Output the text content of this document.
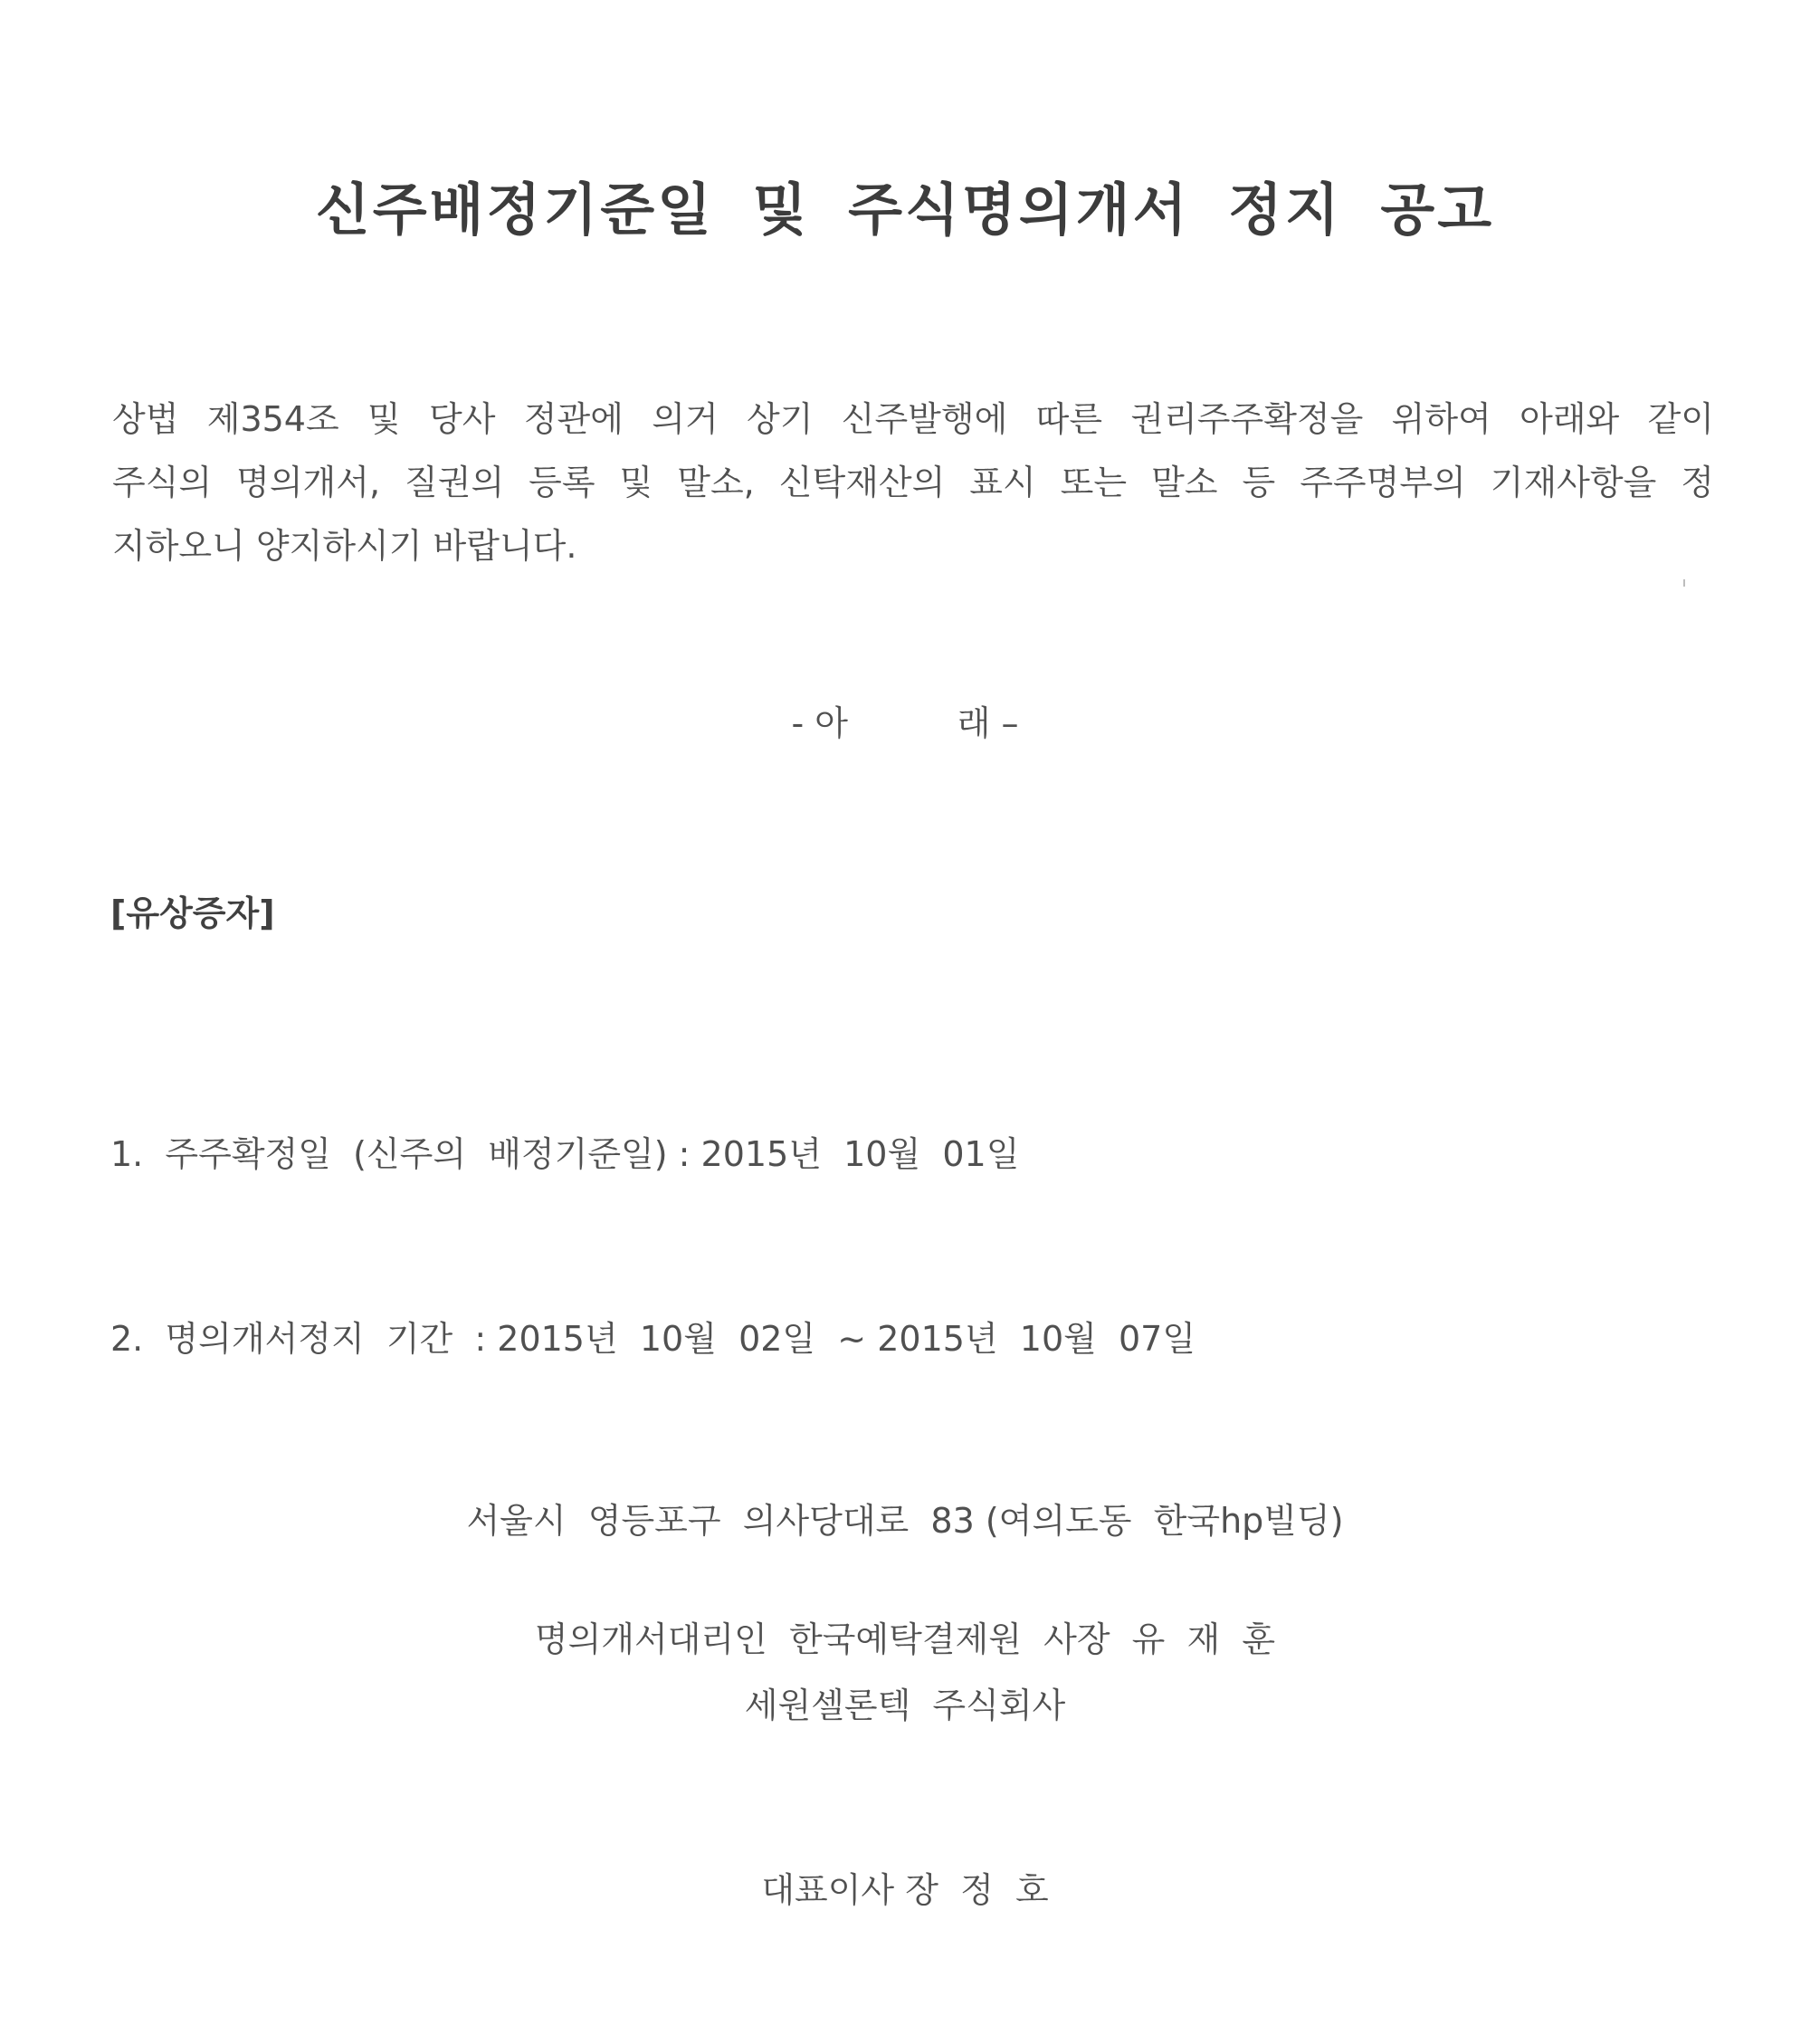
신주배정기준일 및 주식명의개서 정지 공고
상법 제354조 및 당사 정관에 의거 상기 신주발행에 따른 권리주주확정을 위하여 아래와 같이
주식의 명의개서, 질권의 등록 및 말소, 신탁재산의 표시 또는 말소 등 주주명부의 기재사항을 정
지하오니 양지하시기 바랍니다.
- 아          래 –
[유상증자]

1.  주주확정일  (신주의  배정기준일) : 2015년  10월  01일

2.  명의개서정지  기간  : 2015년  10월  02일  ~ 2015년  10월  07일

서울시  영등포구  의사당대로  83 (여의도동  한국hp빌딩)

세원셀론텍  주식회사

대표이사 장  정  호

명의개서대리인  한국예탁결제원  사장  유  재  훈
